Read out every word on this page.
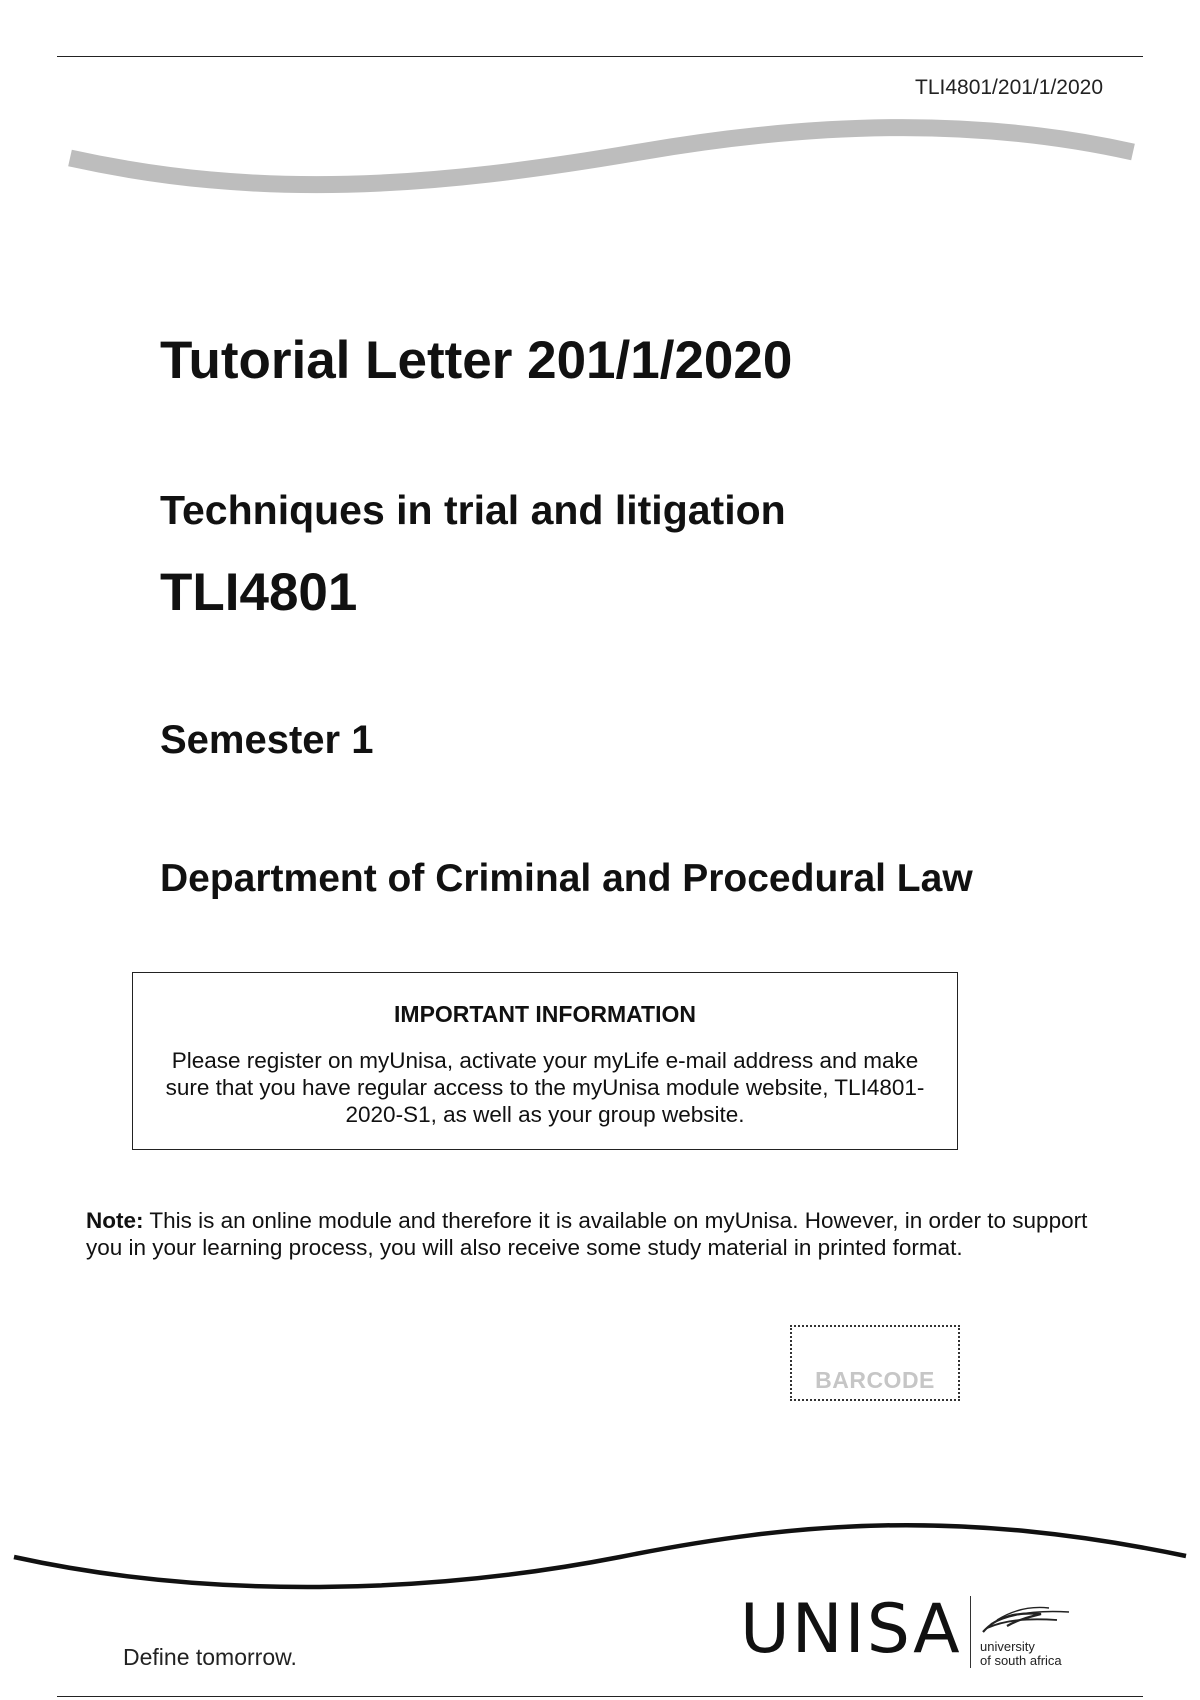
TLI4801/201/1/2020
Tutorial Letter 201/1/2020
Techniques in trial and litigation
TLI4801
Semester 1
Department of Criminal and Procedural Law
IMPORTANT INFORMATION
Please register on myUnisa, activate your myLife e-mail address and make sure that you have regular access to the myUnisa module website, TLI4801-2020-S1, as well as your group website.
Note: This is an online module and therefore it is available on myUnisa. However, in order to support you in your learning process, you will also receive some study material in printed format.
BARCODE
Define tomorrow.	UNISA university
of south africa
